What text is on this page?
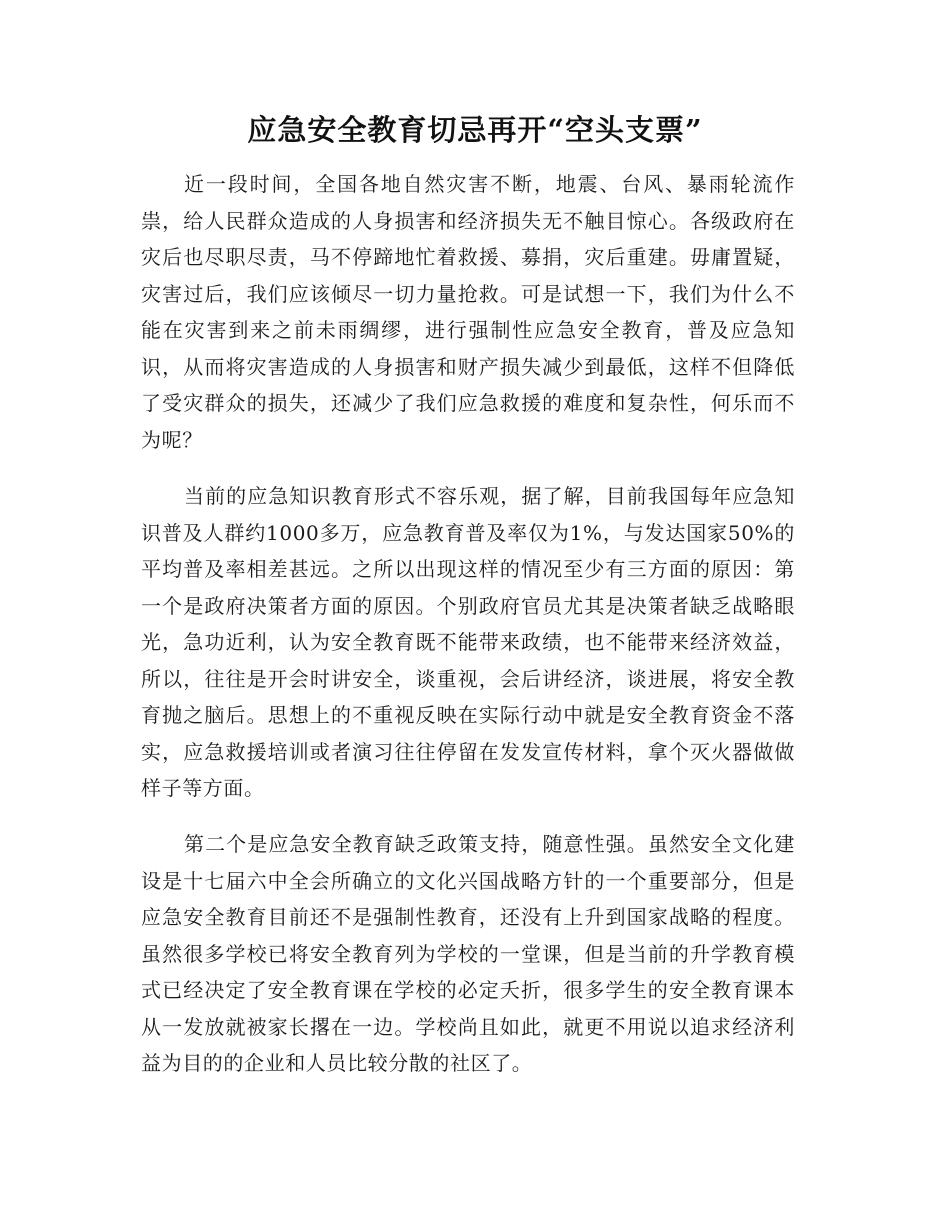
应急安全教育切忌再开“空头支票”

近一段时间，全国各地自然灾害不断，地震、台风、暴雨轮流作祟，给人民群众造成的人身损害和经济损失无不触目惊心。各级政府在灾后也尽职尽责，马不停蹄地忙着救援、募捐，灾后重建。毋庸置疑，灾害过后，我们应该倾尽一切力量抢救。可是试想一下，我们为什么不能在灾害到来之前未雨绸缪，进行强制性应急安全教育，普及应急知识，从而将灾害造成的人身损害和财产损失减少到最低，这样不但降低了受灾群众的损失，还减少了我们应急救援的难度和复杂性，何乐而不为呢？

当前的应急知识教育形式不容乐观，据了解，目前我国每年应急知识普及人群约1000多万，应急教育普及率仅为1%，与发达国家50%的平均普及率相差甚远。之所以出现这样的情况至少有三方面的原因：第一个是政府决策者方面的原因。个别政府官员尤其是决策者缺乏战略眼光，急功近利，认为安全教育既不能带来政绩，也不能带来经济效益，所以，往往是开会时讲安全，谈重视，会后讲经济，谈进展，将安全教育抛之脑后。思想上的不重视反映在实际行动中就是安全教育资金不落实，应急救援培训或者演习往往停留在发发宣传材料，拿个灭火器做做样子等方面。

第二个是应急安全教育缺乏政策支持，随意性强。虽然安全文化建设是十七届六中全会所确立的文化兴国战略方针的一个重要部分，但是应急安全教育目前还不是强制性教育，还没有上升到国家战略的程度。虽然很多学校已将安全教育列为学校的一堂课，但是当前的升学教育模式已经决定了安全教育课在学校的必定夭折，很多学生的安全教育课本从一发放就被家长撂在一边。学校尚且如此，就更不用说以追求经济利益为目的的企业和人员比较分散的社区了。
